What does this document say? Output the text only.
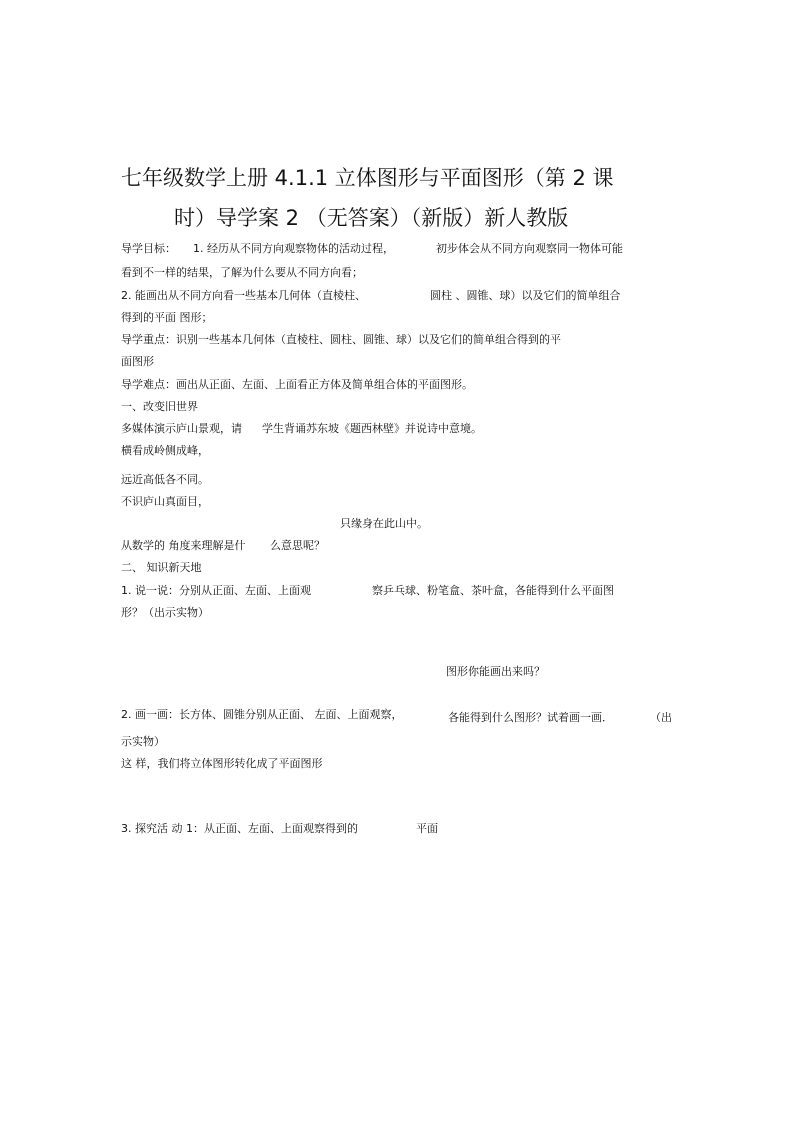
七年级数学上册 4.1.1 立体图形与平面图形（第 2 课
时）导学案 2 （无答案）（新版）新人教版
导学目标： 1. 经历从不同方向观察物体的活动过程，	初步体会从不同方向观察同一物体可能
看到不一样的结果，了解为什么要从不同方向看；
2. 能画出从不同方向看一些基本几何体（直棱柱、	圆柱 、圆锥、球）以及它们的简单组合
得到的平面 图形；
导学重点：识别一些基本几何体（直棱柱、圆柱、圆锥、球）以及它们的简单组合得到的平
面图形
导学难点：画出从正面、左面、上面看正方体及简单组合体的平面图形。
一、改变旧世界
多媒体演示庐山景观，请 学生背诵苏东坡《题西林壁》并说诗中意境。
横看成岭侧成峰，
远近高低各不同。
不识庐山真面目，
只缘身在此山中。
从数学的 角度来理解是什 么意思呢？
二、 知识新天地
1. 说一说：分别从正面、左面、上面观	察乒乓球、粉笔盒、茶叶盒，各能得到什么平面图
形？（出示实物）
图形你能画出来吗？
2. 画一画：长方体、圆锥分别从正面、 左面、上面观察，	各能得到什么图形？试着画一画．	（出
示实物）
这 样，我们将立体图形转化成了平面图形
3. 探究活 动 1：从正面、左面、上面观察得到的	平面
